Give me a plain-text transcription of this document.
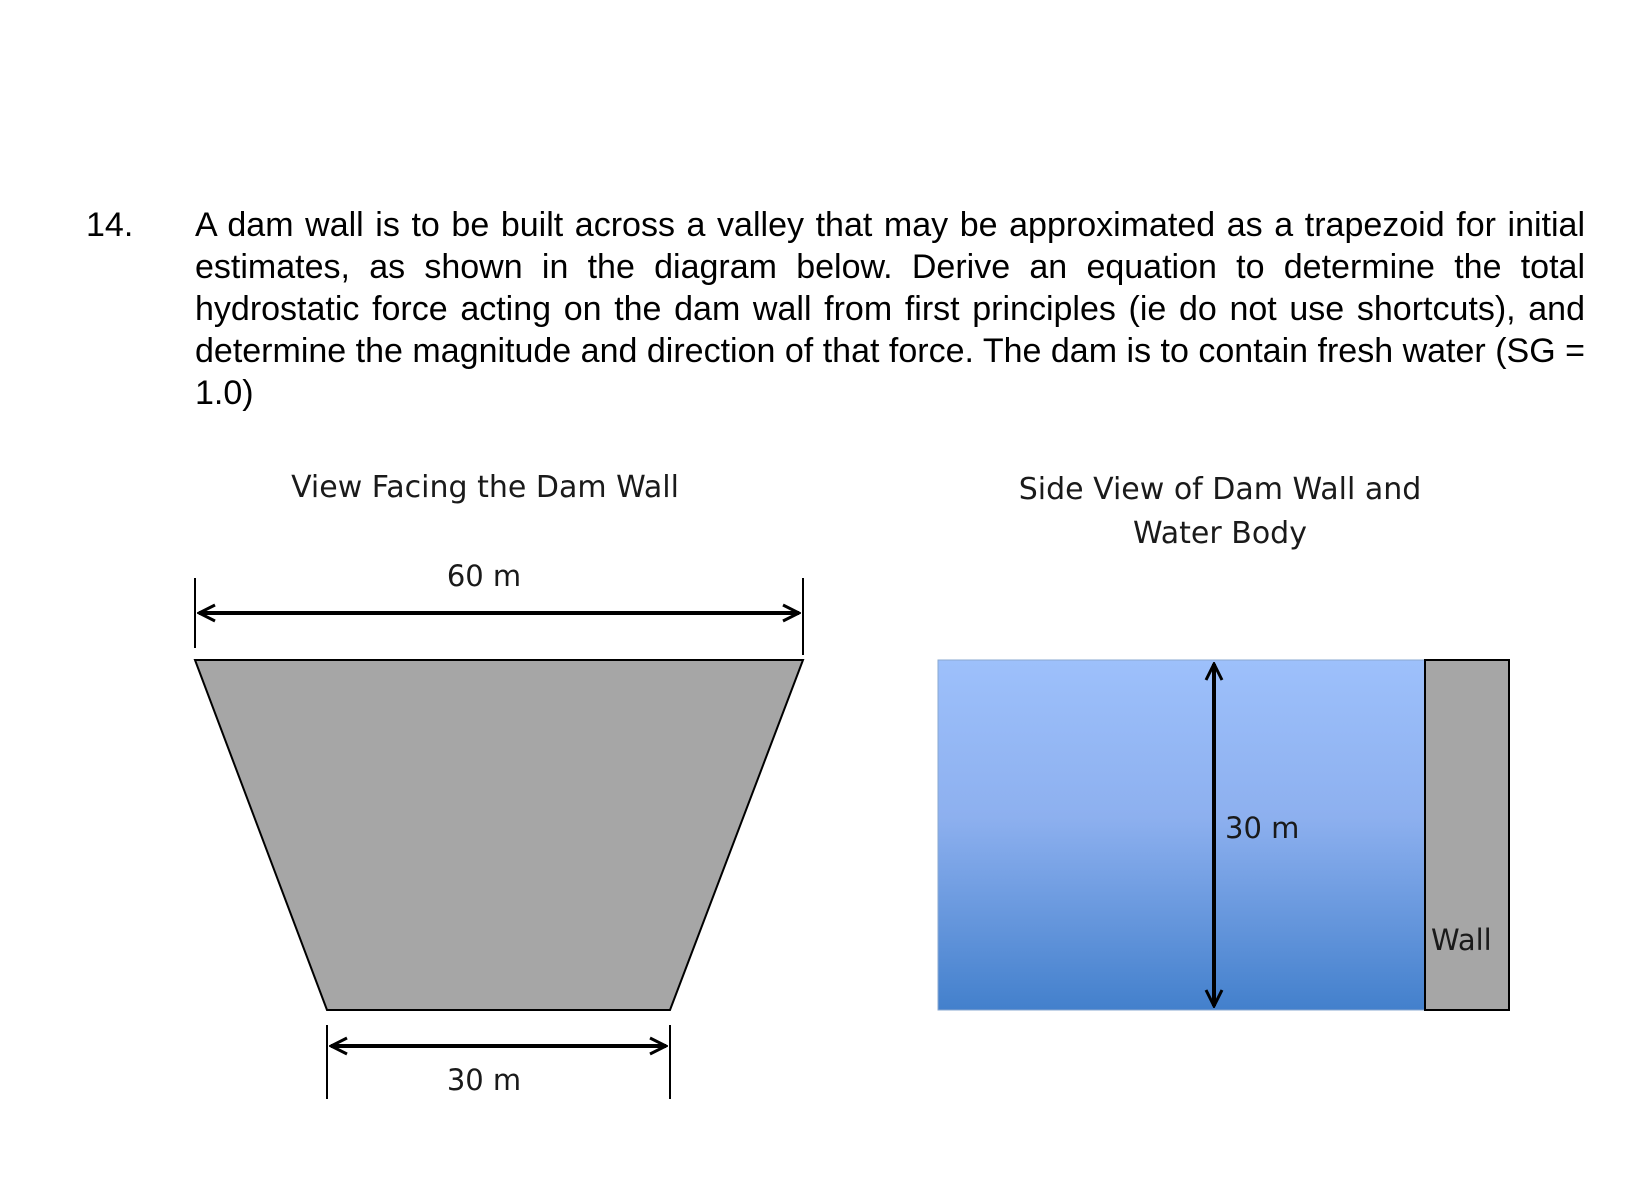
14. A dam wall is to be built across a valley that may be approximated as a trapezoid for initial estimates, as shown in the diagram below. Derive an equation to determine the total hydrostatic force acting on the dam wall from first principles (ie do not use shortcuts), and determine the magnitude and direction of that force. The dam is to contain fresh water (SG = 1.0)

View Facing the Dam Wall	Side View of Dam Wall and
Water Body
60 m
30 m
Wall
30 m
